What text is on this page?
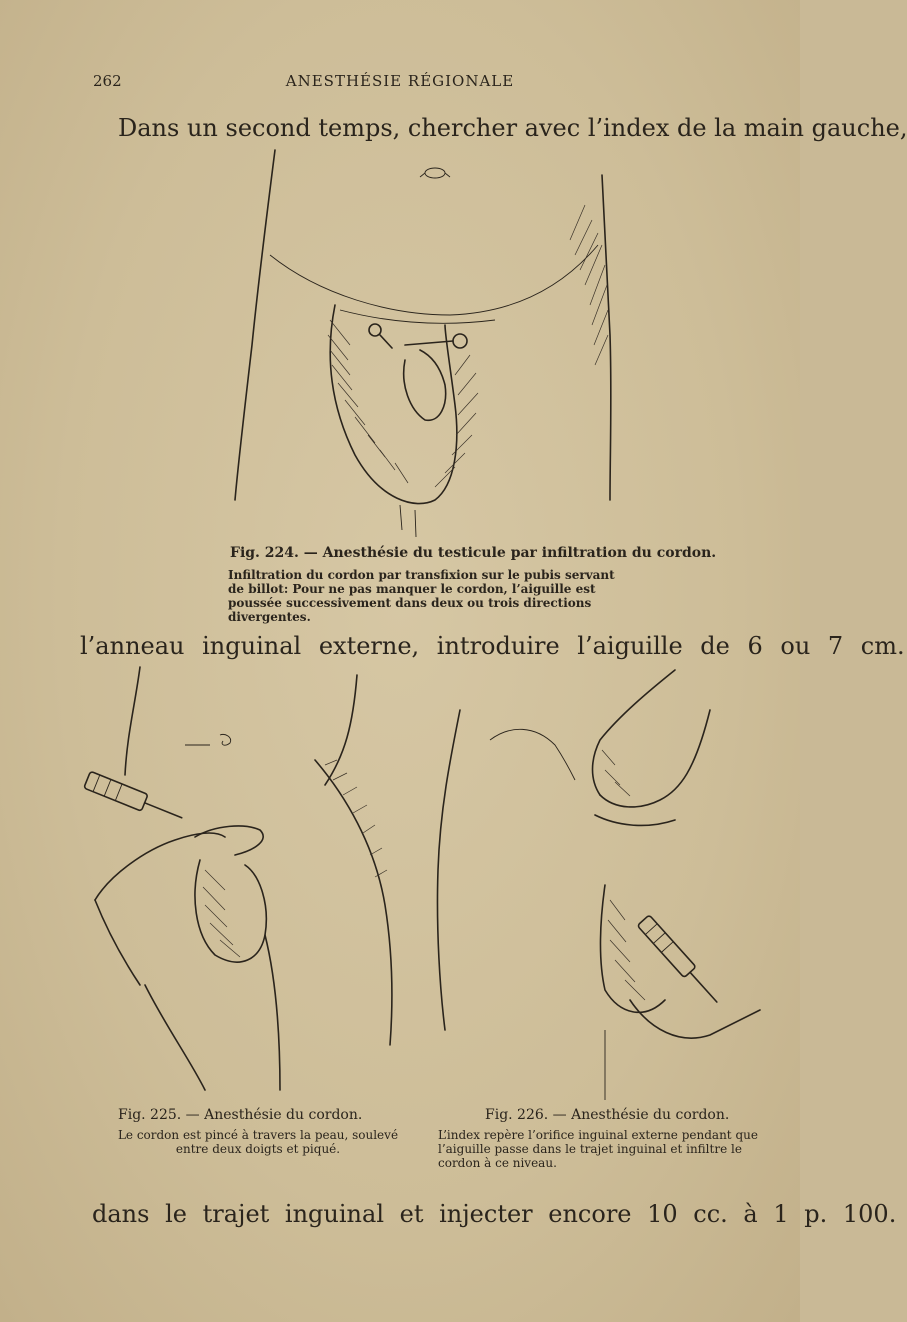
262	ANESTHÉSIE RÉGIONALE
Dans un second temps, chercher avec l’index de la main gauche,
Fig. 224. — Anesthésie du testicule par infiltration du cordon.
Infiltration du cordon par transfixion sur le pubis servant de billot: Pour ne pas manquer le cordon, l’aiguille est poussée successivement dans deux ou trois directions divergentes.
l’anneau inguinal externe, introduire l’aiguille de 6 ou 7 cm.
Fig. 225. — Anesthésie du cordon.
Le cordon est pincé à travers la peau, soulevé entre deux doigts et piqué.
Fig. 226. — Anesthésie du cordon.
L’index repère l’orifice inguinal externe pendant que l’aiguille passe dans le trajet inguinal et infiltre le cordon à ce niveau.
dans le trajet inguinal et injecter encore 10 cc. à 1 p. 100.
